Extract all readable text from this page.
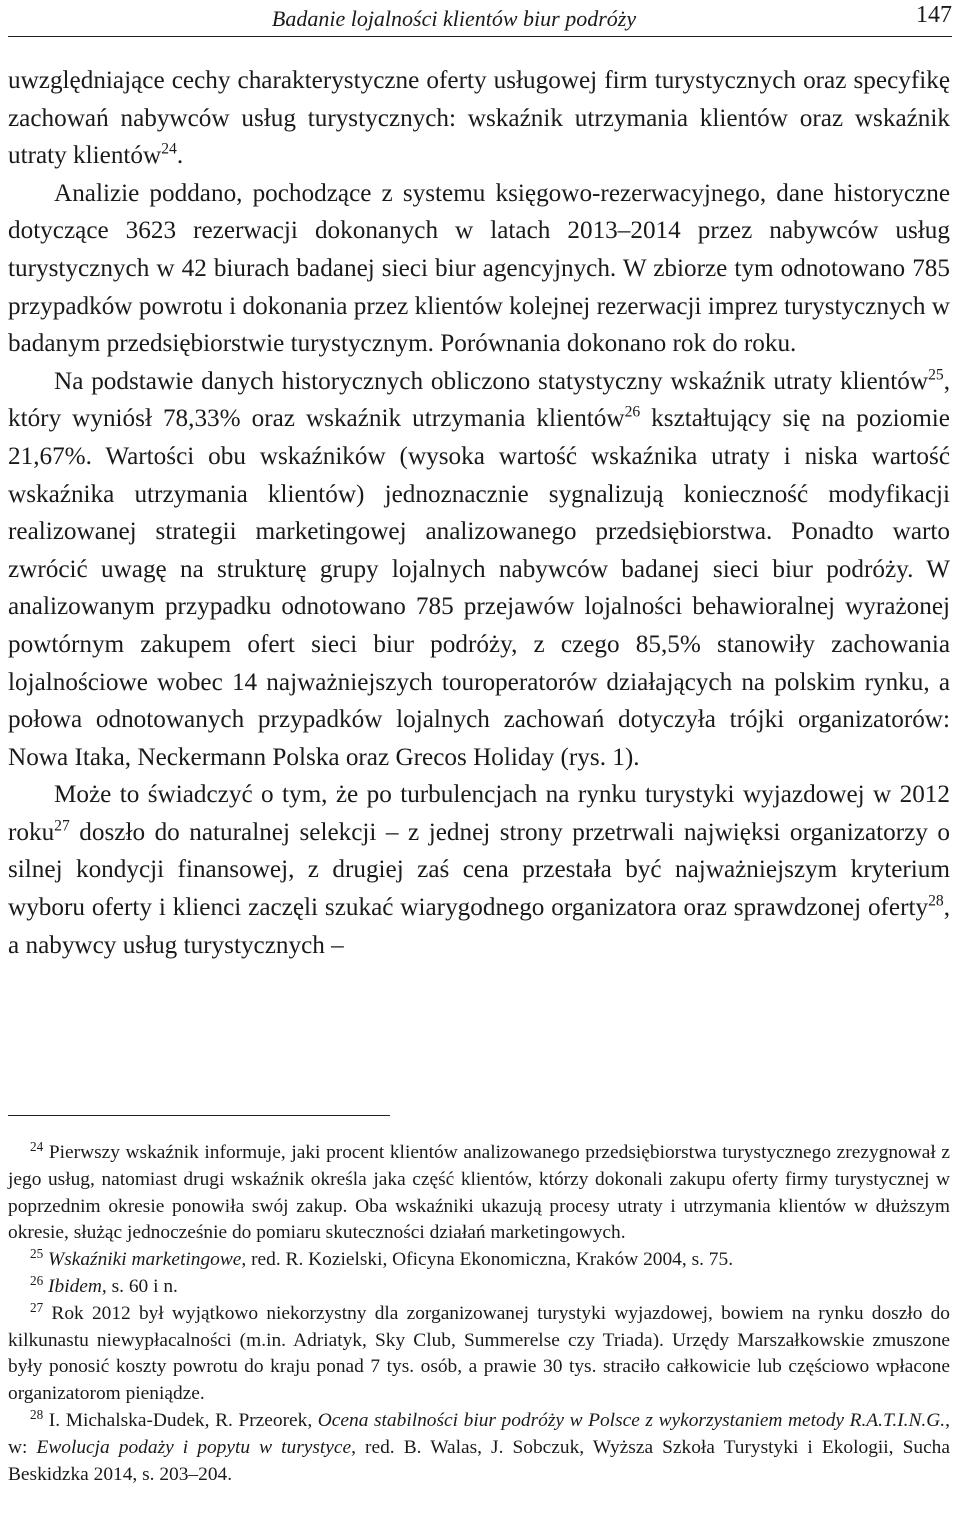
Badanie lojalności klientów biur podróży	147

uwzględniające cechy charakterystyczne oferty usługowej firm turystycznych oraz specyfikę zachowań nabywców usług turystycznych: wskaźnik utrzymania klientów oraz wskaźnik utraty klientów$^{24}$.

Analizie poddano, pochodzące z systemu księgowo-rezerwacyjnego, dane historyczne dotyczące 3623 rezerwacji dokonanych w latach 2013–2014 przez nabywców usług turystycznych w 42 biurach badanej sieci biur agencyjnych. W zbiorze tym odnotowano 785 przypadków powrotu i dokonania przez klientów kolejnej rezerwacji imprez turystycznych w badanym przedsiębiorstwie turystycznym. Porównania dokonano rok do roku.

Na podstawie danych historycznych obliczono statystyczny wskaźnik utraty klientów$^{25}$, który wyniósł 78,33% oraz wskaźnik utrzymania klientów$^{26}$ kształtujący się na poziomie 21,67%. Wartości obu wskaźników (wysoka wartość wskaźnika utraty i niska wartość wskaźnika utrzymania klientów) jednoznacznie sygnalizują konieczność modyfikacji realizowanej strategii marketingowej analizowanego przedsiębiorstwa. Ponadto warto zwrócić uwagę na strukturę grupy lojalnych nabywców badanej sieci biur podróży. W analizowanym przypadku odnotowano 785 przejawów lojalności behawioralnej wyrażonej powtórnym zakupem ofert sieci biur podróży, z czego 85,5% stanowiły zachowania lojalnościowe wobec 14 najważniejszych touroperatorów działających na polskim rynku, a połowa odnotowanych przypadków lojalnych zachowań dotyczyła trójki organizatorów: Nowa Itaka, Neckermann Polska oraz Grecos Holiday (rys. 1).

Może to świadczyć o tym, że po turbulencjach na rynku turystyki wyjazdowej w 2012 roku$^{27}$ doszło do naturalnej selekcji – z jednej strony przetrwali najwięksi organizatorzy o silnej kondycji finansowej, z drugiej zaś cena przestała być najważniejszym kryterium wyboru oferty i klienci zaczęli szukać wiarygodnego organizatora oraz sprawdzonej oferty$^{28}$, a nabywcy usług turystycznych –

$^{24}$ Pierwszy wskaźnik informuje, jaki procent klientów analizowanego przedsiębiorstwa turystycznego zrezygnował z jego usług, natomiast drugi wskaźnik określa jaka część klientów, którzy dokonali zakupu oferty firmy turystycznej w poprzednim okresie ponowiła swój zakup. Oba wskaźniki ukazują procesy utraty i utrzymania klientów w dłuższym okresie, służąc jednocześnie do pomiaru skuteczności działań marketingowych.

$^{25}$ Wskaźniki marketingowe, red. R. Kozielski, Oficyna Ekonomiczna, Kraków 2004, s. 75.

$^{26}$ Ibidem, s. 60 i n.

$^{27}$ Rok 2012 był wyjątkowo niekorzystny dla zorganizowanej turystyki wyjazdowej, bowiem na rynku doszło do kilkunastu niewypłacalności (m.in. Adriatyk, Sky Club, Summerelse czy Triada). Urzędy Marszałkowskie zmuszone były ponosić koszty powrotu do kraju ponad 7 tys. osób, a prawie 30 tys. straciło całkowicie lub częściowo wpłacone organizatorom pieniądze.

$^{28}$ I. Michalska-Dudek, R. Przeorek, Ocena stabilności biur podróży w Polsce z wykorzystaniem metody R.A.T.I.N.G., w: Ewolucja podaży i popytu w turystyce, red. B. Walas, J. Sobczuk, Wyższa Szkoła Turystyki i Ekologii, Sucha Beskidzka 2014, s. 203–204.
